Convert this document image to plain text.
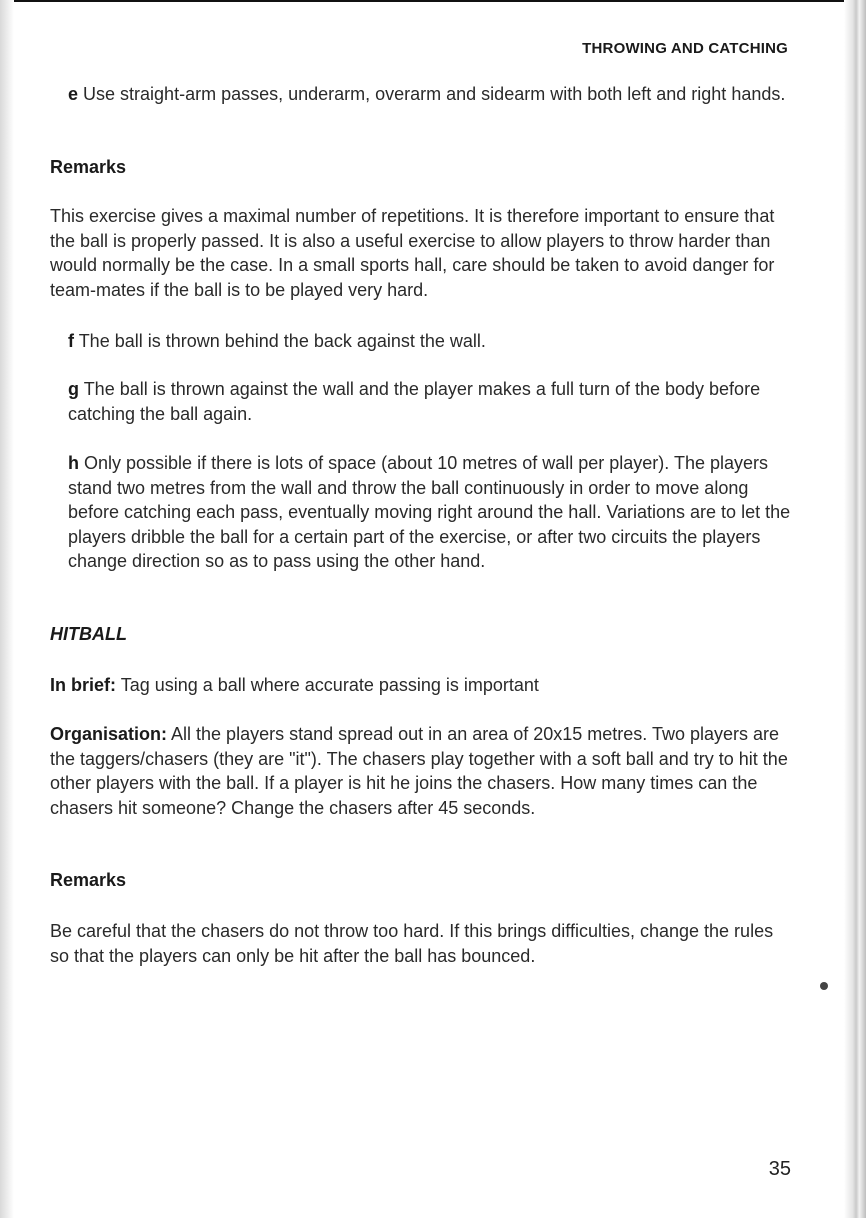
THROWING AND CATCHING

e Use straight-arm passes, underarm, overarm and sidearm with both left and right hands.

Remarks

This exercise gives a maximal number of repetitions. It is therefore important to ensure that the ball is properly passed. It is also a useful exercise to allow players to throw harder than would normally be the case. In a small sports hall, care should be taken to avoid danger for team-mates if the ball is to be played very hard.

f The ball is thrown behind the back against the wall.

g The ball is thrown against the wall and the player makes a full turn of the body before catching the ball again.

h Only possible if there is lots of space (about 10 metres of wall per player). The players stand two metres from the wall and throw the ball continuously in order to move along before catching each pass, eventually moving right around the hall. Variations are to let the players dribble the ball for a certain part of the exercise, or after two circuits the players change direction so as to pass using the other hand.

HITBALL

In brief: Tag using a ball where accurate passing is important

Organisation: All the players stand spread out in an area of 20x15 metres. Two players are the taggers/chasers (they are "it"). The chasers play together with a soft ball and try to hit the other players with the ball. If a player is hit he joins the chasers. How many times can the chasers hit someone? Change the chasers after 45 seconds.

Remarks

Be careful that the chasers do not throw too hard. If this brings difficulties, change the rules so that the players can only be hit after the ball has bounced.

35
